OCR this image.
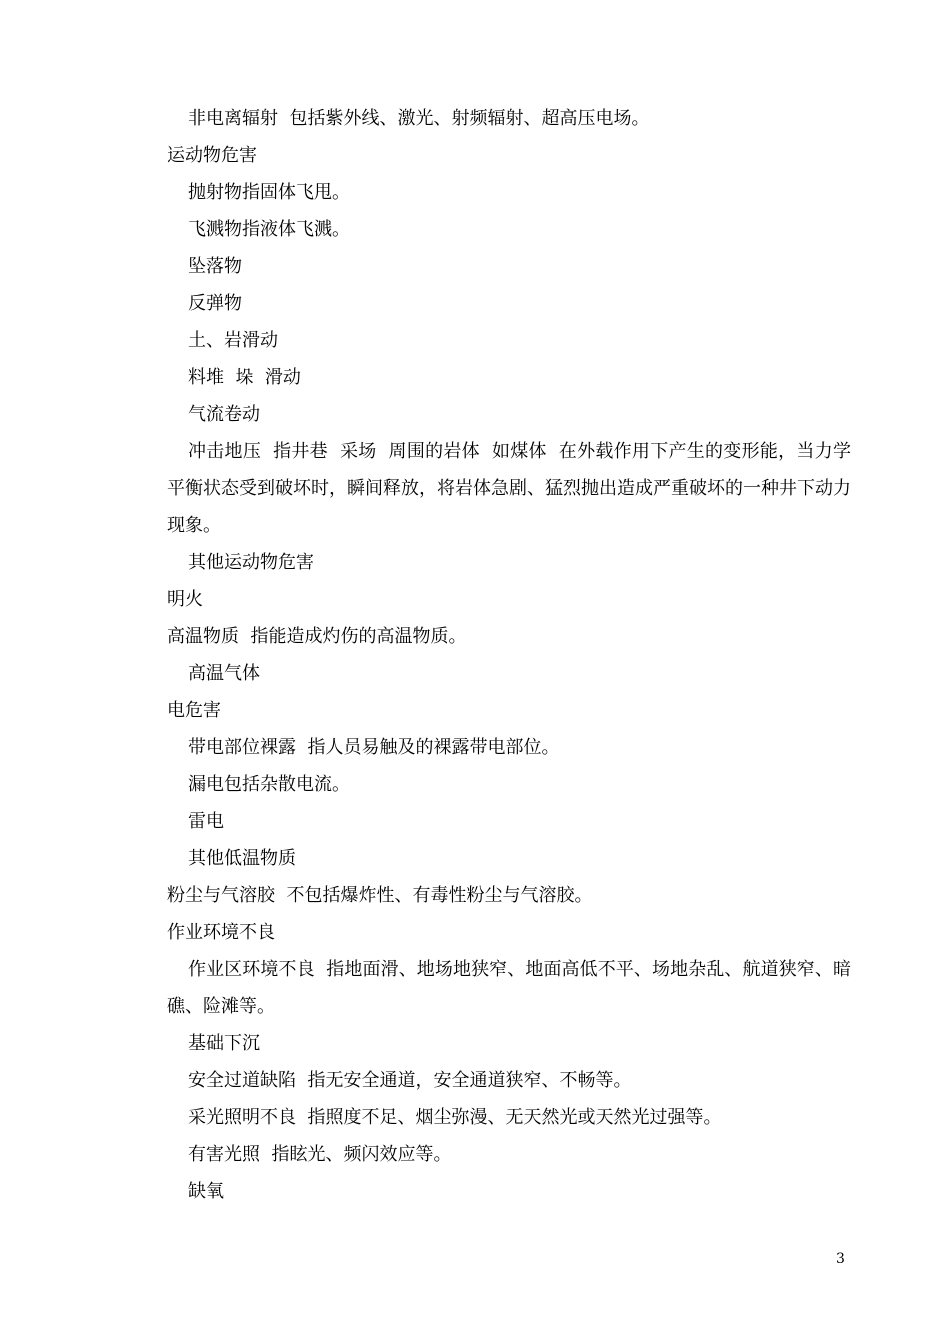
非电离辐射  包括紫外线、激光、射频辐射、超高压电场。

运动物危害

抛射物指固体飞甩。

飞溅物指液体飞溅。

坠落物

反弹物

土、岩滑动

料堆  垛  滑动

气流卷动

冲击地压  指井巷  采场  周围的岩体  如煤体  在外载作用下产生的变形能，当力学平衡状态受到破坏时，瞬间释放，将岩体急剧、猛烈抛出造成严重破坏的一种井下动力现象。

其他运动物危害

明火

高温物质  指能造成灼伤的高温物质。

高温气体

电危害

带电部位裸露  指人员易触及的裸露带电部位。

漏电包括杂散电流。

雷电

其他低温物质

粉尘与气溶胶  不包括爆炸性、有毒性粉尘与气溶胶。

作业环境不良

作业区环境不良  指地面滑、地场地狭窄、地面高低不平、场地杂乱、航道狭窄、暗礁、险滩等。

基础下沉

安全过道缺陷  指无安全通道，安全通道狭窄、不畅等。

采光照明不良  指照度不足、烟尘弥漫、无天然光或天然光过强等。

有害光照  指眩光、频闪效应等。

缺氧

3
